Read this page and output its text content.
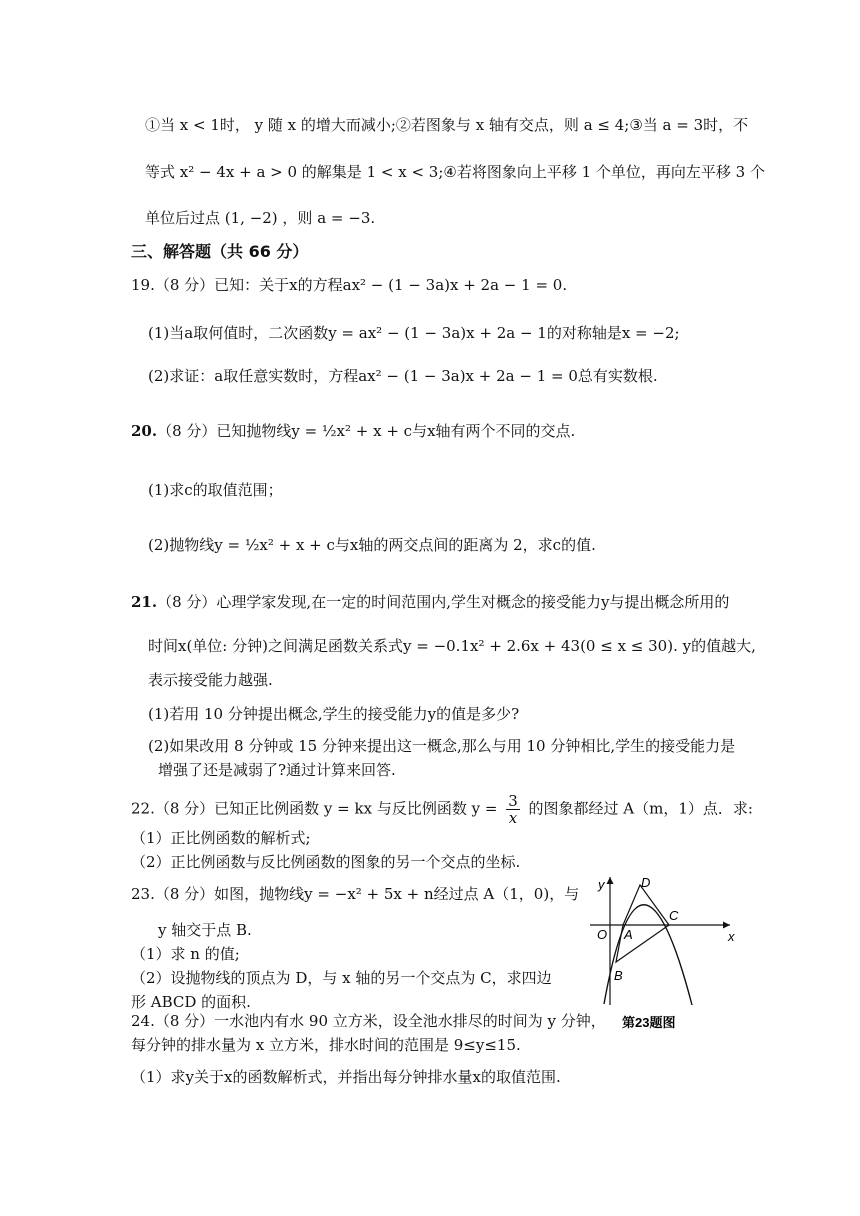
①当 x < 1时， y 随 x 的增大而减小;②若图象与 x 轴有交点，则 a ≤ 4;③当 a = 3时，不
等式 x² − 4x + a > 0 的解集是 1 < x < 3;④若将图象向上平移 1 个单位，再向左平移 3 个
单位后过点 (1, −2) ，则 a = −3.
三、解答题（共 66 分）
19.（8 分）已知：关于x的方程ax² − (1 − 3a)x + 2a − 1 = 0.
(1)当a取何值时，二次函数y = ax² − (1 − 3a)x + 2a − 1的对称轴是x = −2;
(2)求证：a取任意实数时，方程ax² − (1 − 3a)x + 2a − 1 = 0总有实数根.
20.（8 分）已知抛物线y = ½x² + x + c与x轴有两个不同的交点.
(1)求c的取值范围；
(2)抛物线y = ½x² + x + c与x轴的两交点间的距离为 2，求c的值.
21.（8 分）心理学家发现,在一定的时间范围内,学生对概念的接受能力y与提出概念所用的
时间x(单位: 分钟)之间满足函数关系式y = −0.1x² + 2.6x + 43(0 ≤ x ≤ 30). y的值越大,
表示接受能力越强.
(1)若用 10 分钟提出概念,学生的接受能力y的值是多少?
(2)如果改用 8 分钟或 15 分钟来提出这一概念,那么与用 10 分钟相比,学生的接受能力是
增强了还是减弱了?通过计算来回答.
22.（8 分）已知正比例函数 y = kx 与反比例函数 $y = \frac{3}{x}$ 的图象都经过 A（m，1）点．求:
（1）正比例函数的解析式;
（2）正比例函数与反比例函数的图象的另一个交点的坐标.
23.（8 分）如图，抛物线y = −x² + 5x + n经过点 A（1，0)，与
y 轴交于点 B.
（1）求 n 的值;
（2）设抛物线的顶点为 D，与 x 轴的另一个交点为 C，求四边
形 ABCD 的面积.
24.（8 分）一水池内有水 90 立方米，设全池水排尽的时间为 y 分钟，
每分钟的排水量为 x 立方米，排水时间的范围是 9≤y≤15.
（1）求y关于x的函数解析式，并指出每分钟排水量x的取值范围.
y
x
O A
B
C
D
第23题图
